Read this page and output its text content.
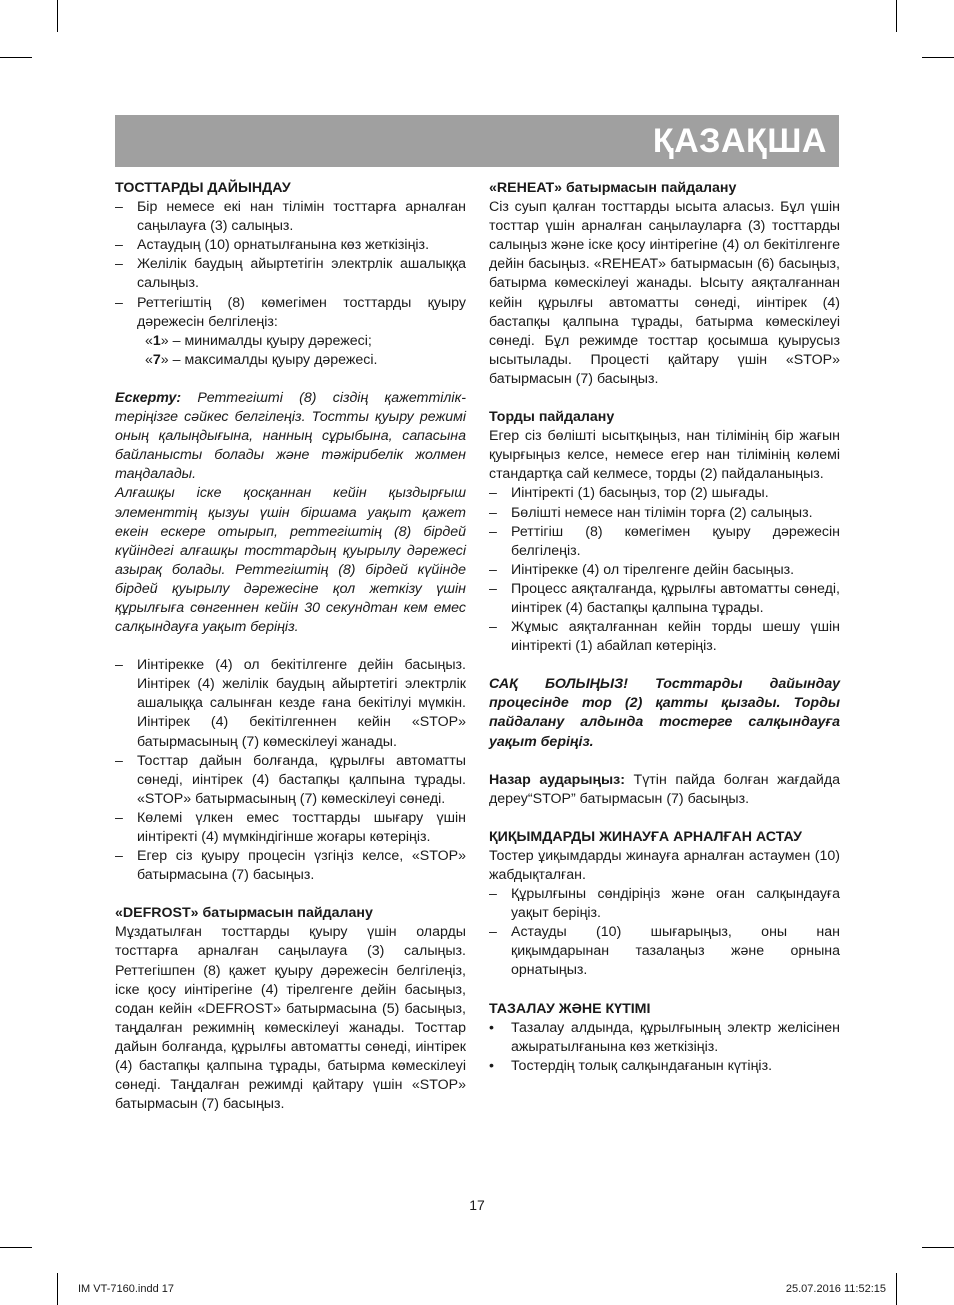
ҚАЗАҚША

ТОСТТАРДЫ ДАЙЫНДАУ

– Бір немесе екі нан тілімін тосттарға арналған саңылауға (3) салыңыз.
– Астаудың (10) орнатылғанына көз жеткізіңіз.
– Желілік баудың айыртетігін электрлік ашалыққа салыңыз.
– Реттегіштің (8) көмегімен тосттарды қуыру дәрежесін белгілеңіз:

«1» – минималды қуыру дәрежесі;

«7» – максималды қуыру дәрежесі.

Ескерту: Реттегішті (8) сіздің қажеттілік-теріңізге сәйкес белгілеңіз. Тостты қуыру режимі оның қалыңдығына, нанның сұрыбына, сапасына байланысты болады және тәжірибелік жолмен таңдалады.

Алғашқы іске қосқаннан кейін қыздырғыш элементтің қызуы үшін біршама уақыт қажет екеін ескере отырып, реттегіштің (8) бірдей күйіндегі алғашқы тосттардың қуырылу дәрежесі азырақ болады. Реттегіштің (8) бірдей күйінде бірдей қуырылу дәрежесіне қол жеткізу үшін құрылғыға сөнгеннен кейін 30 секундтан кем емес салқындауға уақыт беріңіз.

– Иінтірекке (4) ол бекітілгенге дейін басыңыз. Иінтірек (4) желілік баудың айыртетігі электрлік ашалыққа салынған кезде ғана бекітілуі мүмкін. Иінтірек (4) бекітілгеннен кейін «STOP» батырмасының (7) көмескілеуі жанады.
– Тосттар дайын болғанда, құрылғы автоматты сөнеді, иінтірек (4) бастапқы қалпына тұрады. «STOP» батырмасының (7) көмескілеуі сөнеді.
– Көлемі үлкен емес тосттарды шығару үшін иінтіректі (4) мүмкіндігінше жоғары көтеріңіз.
– Егер сіз қуыру процесін үзгіңіз келсе, «STOP» батырмасына (7) басыңыз.

«DEFROST» батырмасын пайдалану

Мұздатылған тосттарды қуыру үшін оларды тосттарға арналған саңылауға (3) салыңыз. Реттегішпен (8) қажет қуыру дәрежесін белгілеңіз, іске қосу иінтірегіне (4) тірелгенге дейін басыңыз, содан кейін «DEFROST» батырмасына (5) басыңыз, таңдалған режимнің көмескілеуі жанады. Тосттар дайын болғанда, құрылғы автоматты сөнеді, иінтірек (4) бастапқы қалпына тұрады, батырма көмескілеуі сөнеді. Таңдалған режимді қайтару үшін «STOP» батырмасын (7) басыңыз.

«REHEAT» батырмасын пайдалану

Сіз суып қалған тосттарды ысыта аласыз. Бұл үшін тосттар үшін арналған саңылауларға (3) тосттарды салыңыз және іске қосу иінтірегіне (4) ол бекітілгенге дейін басыңыз. «REHEAT» батырмасын (6) басыңыз, батырма көмескілеуі жанады. Ысыту аяқталғаннан кейін құрылғы автоматты сөнеді, иінтірек (4) бастапқы қалпына тұрады, батырма көмескілеуі сөнеді. Бұл режимде тосттар қосымша қуырусыз ысытылады. Процесті қайтару үшін «STOP» батырмасын (7) басыңыз.

Торды пайдалану

Егер сіз бөлішті ысытқыңыз, нан тілімінің бір жағын қуырғыңыз келсе, немесе егер нан тілімінің көлемі стандартқа сай келмесе, торды (2) пайдаланыңыз.

– Иінтіректі (1) басыңыз, тор (2) шығады.
– Бөлішті немесе нан тілімін торға (2) салыңыз.
– Реттігіш (8) көмегімен қуыру дәрежесін белгілеңіз.
– Иінтірекке (4) ол тірелгенге дейін басыңыз.
– Процесс аяқталғанда, құрылғы автоматты сөнеді, иінтірек (4) бастапқы қалпына тұрады.
– Жұмыс аяқталғаннан кейін торды шешу үшін иінтіректі (1) абайлап көтеріңіз.

САҚ БОЛЫҢЫЗ! Тосттарды дайындау процесінде тор (2) қатты қызады. Торды пайдалану алдында тостерге салқындауға уақыт беріңіз.

Назар аударыңыз: Түтін пайда болған жағдайда дереу“STOP” батырмасын (7) басыңыз.

ҚИҚЫМДАРДЫ ЖИНАУҒА АРНАЛҒАН АСТАУ

Тостер ұиқымдарды жинауға арналған астаумен (10) жабдықталған.

– Құрылғыны сөндіріңіз және оған салқындауға уақыт беріңіз.
– Астауды (10) шығарыңыз, оны нан қиқымдарынан тазалаңыз және орнына орнатыңыз.

ТАЗАЛАУ ЖӘНЕ КҮТІМІ

• Тазалау алдында, құрылғының электр желісінен ажыратылғанына көз жеткізіңіз.
• Тостердің толық салқындағанын күтіңіз.
17
IM VT-7160.indd 17	25.07.2016 11:52:15
